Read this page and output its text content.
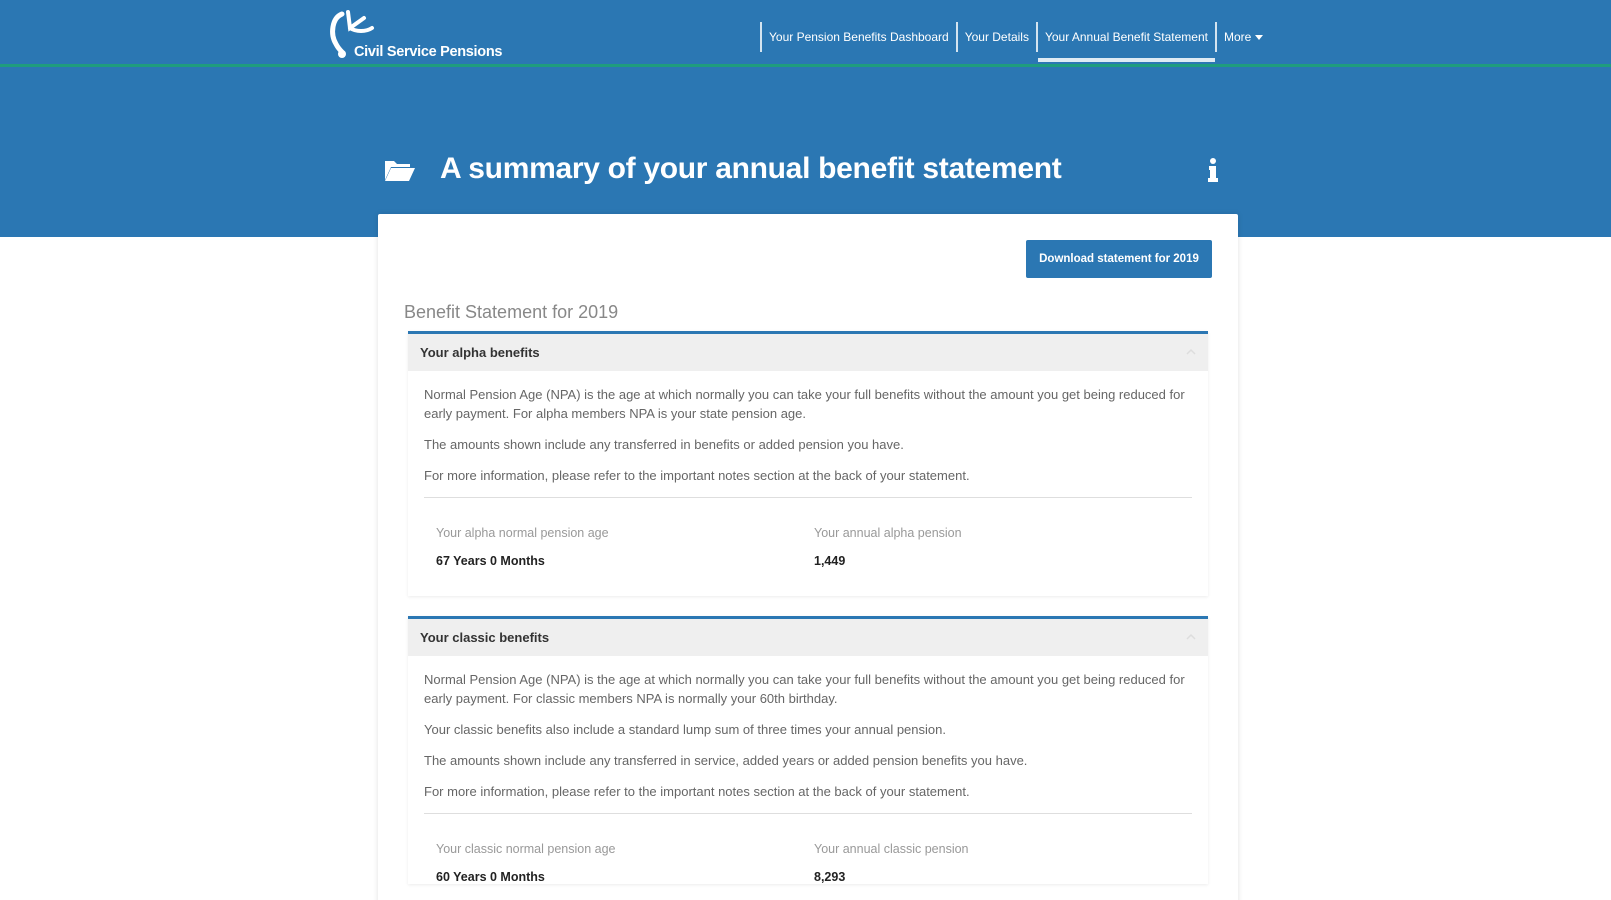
Civil Service Pensions
Your Pension Benefits Dashboard	Your Details	Your Annual Benefit Statement	More
A summary of your annual benefit statement
Download statement for 2019
Benefit Statement for 2019
Your alpha benefits

Normal Pension Age (NPA) is the age at which normally you can take your full benefits without the amount you get being reduced for early payment. For alpha members NPA is your state pension age.

The amounts shown include any transferred in benefits or added pension you have.

For more information, please refer to the important notes section at the back of your statement.

Your alpha normal pension age
67 Years 0 Months
Your annual alpha pension
1,449
Your classic benefits

Normal Pension Age (NPA) is the age at which normally you can take your full benefits without the amount you get being reduced for early payment. For classic members NPA is normally your 60th birthday.

Your classic benefits also include a standard lump sum of three times your annual pension.

The amounts shown include any transferred in service, added years or added pension benefits you have.

For more information, please refer to the important notes section at the back of your statement.

Your classic normal pension age
60 Years 0 Months
Your annual classic pension
8,293
